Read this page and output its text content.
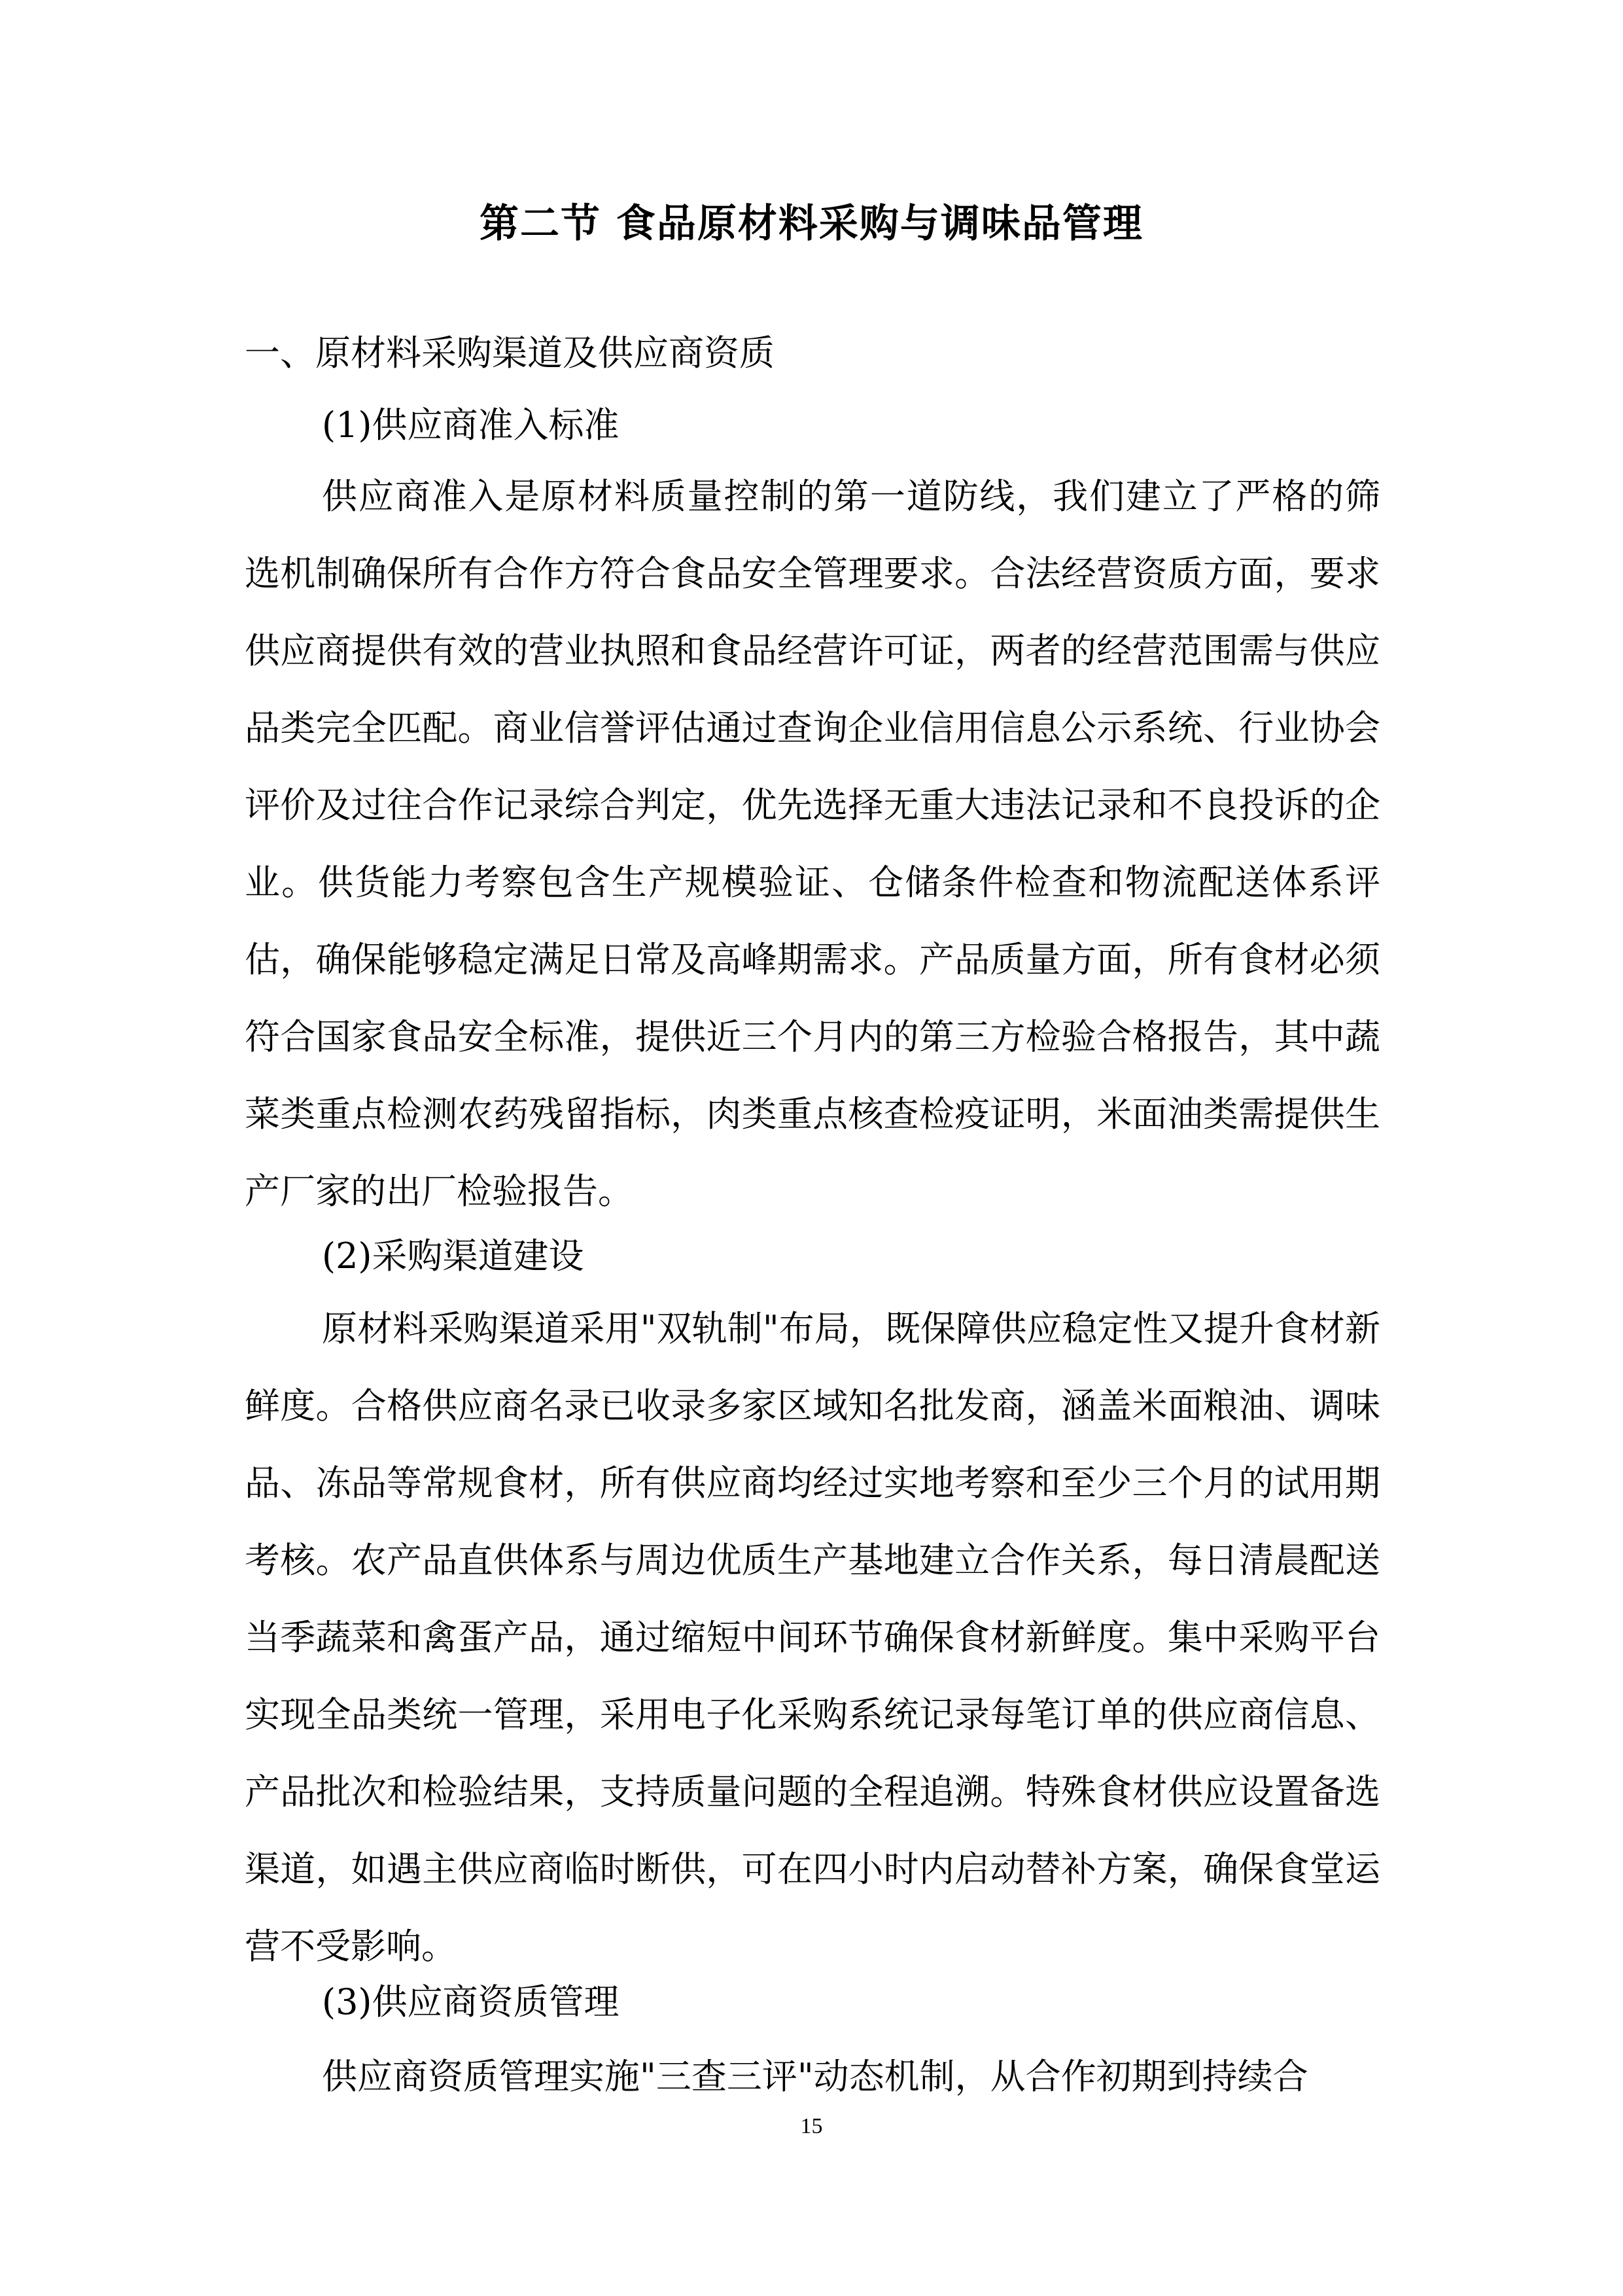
第二节 食品原材料采购与调味品管理

一、原材料采购渠道及供应商资质

(1)供应商准入标准

供应商准入是原材料质量控制的第一道防线，我们建立了严格的筛选机制确保所有合作方符合食品安全管理要求。合法经营资质方面，要求供应商提供有效的营业执照和食品经营许可证，两者的经营范围需与供应品类完全匹配。商业信誉评估通过查询企业信用信息公示系统、行业协会评价及过往合作记录综合判定，优先选择无重大违法记录和不良投诉的企业。供货能力考察包含生产规模验证、仓储条件检查和物流配送体系评估，确保能够稳定满足日常及高峰期需求。产品质量方面，所有食材必须符合国家食品安全标准，提供近三个月内的第三方检验合格报告，其中蔬菜类重点检测农药残留指标，肉类重点核查检疫证明，米面油类需提供生产厂家的出厂检验报告。

(2)采购渠道建设

原材料采购渠道采用"双轨制"布局，既保障供应稳定性又提升食材新鲜度。合格供应商名录已收录多家区域知名批发商，涵盖米面粮油、调味品、冻品等常规食材，所有供应商均经过实地考察和至少三个月的试用期考核。农产品直供体系与周边优质生产基地建立合作关系，每日清晨配送当季蔬菜和禽蛋产品，通过缩短中间环节确保食材新鲜度。集中采购平台实现全品类统一管理，采用电子化采购系统记录每笔订单的供应商信息、产品批次和检验结果，支持质量问题的全程追溯。特殊食材供应设置备选渠道，如遇主供应商临时断供，可在四小时内启动替补方案，确保食堂运营不受影响。

(3)供应商资质管理

供应商资质管理实施"三查三评"动态机制，从合作初期到持续合

15
